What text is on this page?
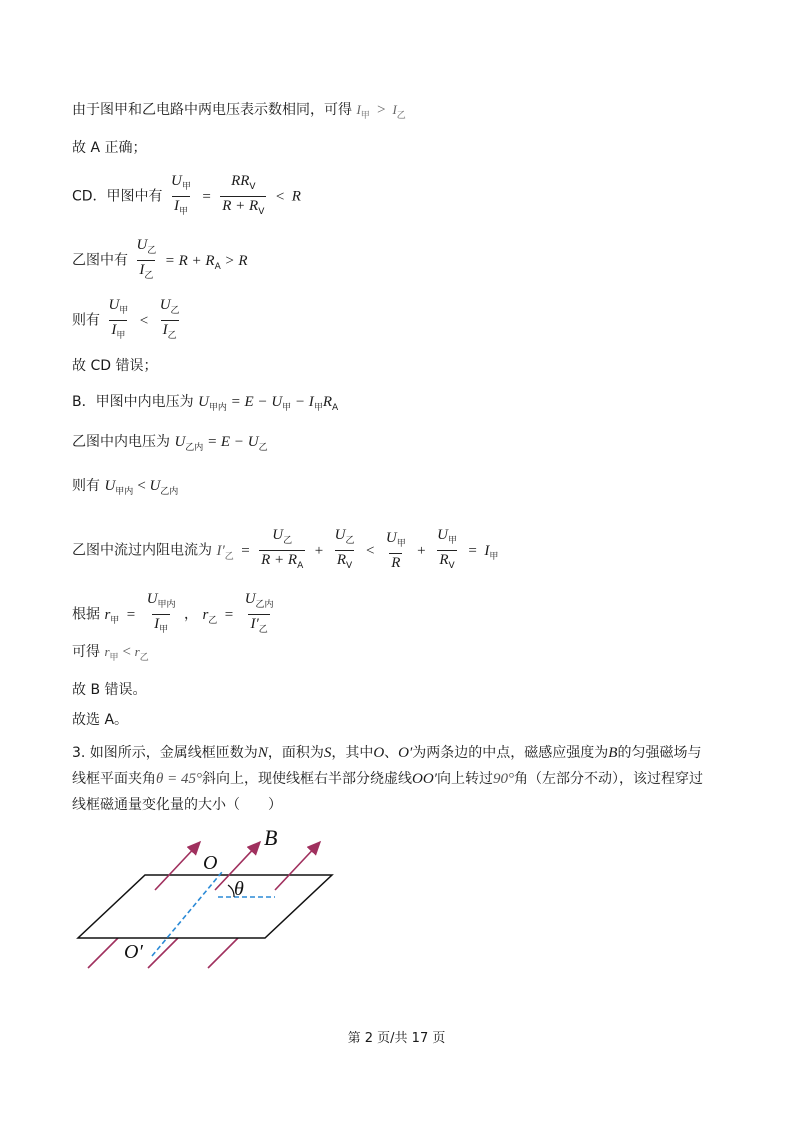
由于图甲和乙电路中两电压表示数相同，可得 $I_甲 > I_乙$
故 A 正确；
CD．甲图中有
$U_甲$
$I_甲$
=
$RR_V$
$R + R_V$
< R
乙图中有
$U_乙$
$I_乙$
= $R + R_A > R$
则有
$U_甲$
$I_甲$
<
$U_乙$
$I_乙$
故 CD 错误；
B．甲图中内电压为 $U_{甲内} = E - U_甲 - I_甲R_A$
乙图中内电压为 $U_{乙内} = E - U_乙$
则有 $U_{甲内} < U_{乙内}$
乙图中流过内阻电流为 $I'_乙$ =
$U_乙$
$R + R_A$
+
$U_乙$
$R_V$
<
$U_甲$
R
+
$U_甲$
$R_V$
= $I_甲$
根据 $r_甲$ =
$U_{甲内}$
$I_甲$
， $r_乙$ =
$U_{乙内}$
$I'_乙$
可得 $r_甲 < r_乙$
故 B 错误。
故选 A。
3. 如图所示，金属线框匝数为N，面积为S，其中O、O′为两条边的中点，磁感应强度为B的匀强磁场与
线框平面夹角θ = 45°斜向上，现使线框右半部分绕虚线OO′向上转过90°角（左部分不动），该过程穿过
线框磁通量变化量的大小（　　）
B
O
θ
O′
第 2 页/共 17 页
